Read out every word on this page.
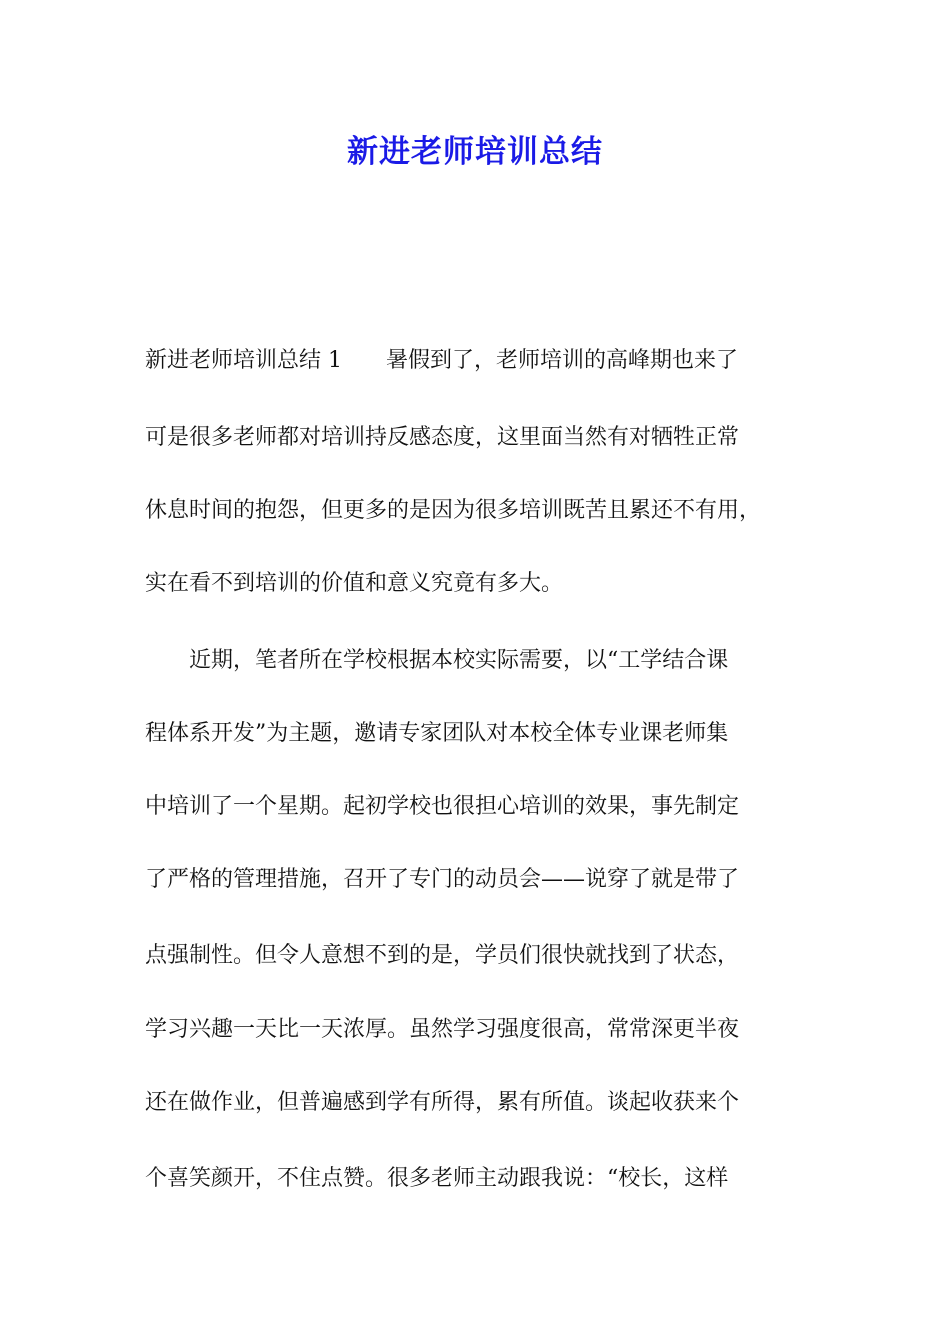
新进老师培训总结

新进老师培训总结 1　　暑假到了，老师培训的高峰期也来了

可是很多老师都对培训持反感态度，这里面当然有对牺牲正常

休息时间的抱怨，但更多的是因为很多培训既苦且累还不有用，

实在看不到培训的价值和意义究竟有多大。

　　近期，笔者所在学校根据本校实际需要，以“工学结合课

程体系开发”为主题，邀请专家团队对本校全体专业课老师集

中培训了一个星期。起初学校也很担心培训的效果，事先制定

了严格的管理措施，召开了专门的动员会——说穿了就是带了

点强制性。但令人意想不到的是，学员们很快就找到了状态，

学习兴趣一天比一天浓厚。虽然学习强度很高，常常深更半夜

还在做作业，但普遍感到学有所得，累有所值。谈起收获来个

个喜笑颜开，不住点赞。很多老师主动跟我说：“校长，这样
